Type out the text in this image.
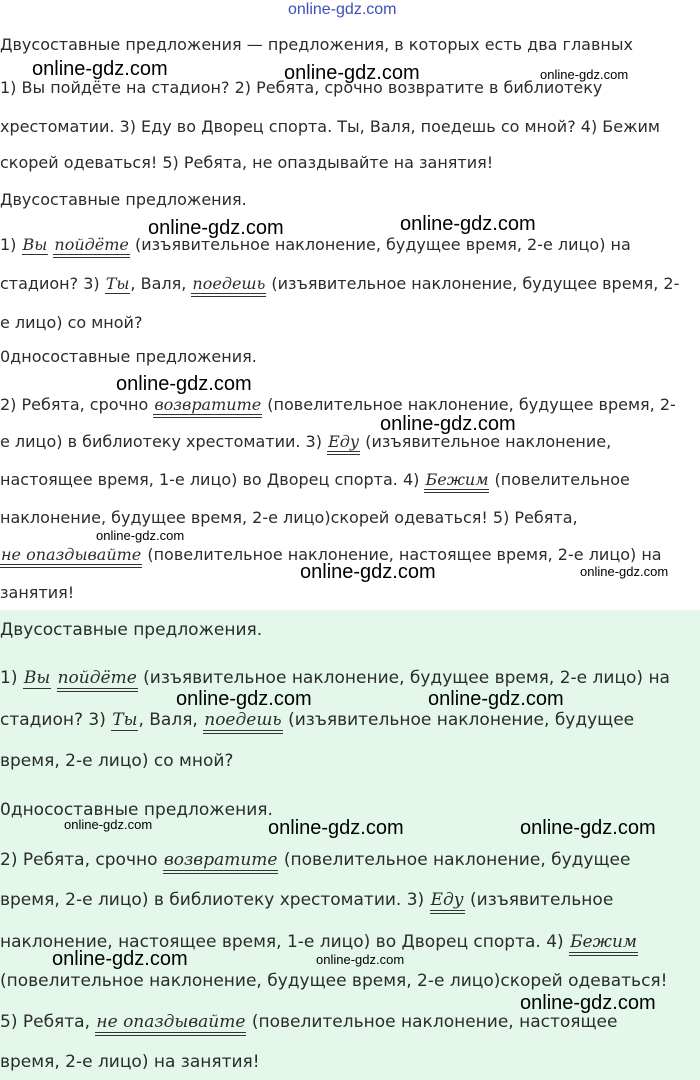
online-gdz.com
Двусоставные предложения — предложения, в которых есть два главных
1) Вы пойдёте на стадион? 2) Ребята, срочно возвратите в библиотеку
хрестоматии. 3) Еду во Дворец спорта. Ты, Валя, поедешь со мной? 4) Бежим
скорей одеваться! 5) Ребята, не опаздывайте на занятия!
Двусоставные предложения.
1) Вы пойдёте (изъявительное наклонение, будущее время, 2-е лицо) на
стадион? 3) Ты, Валя, поедешь (изъявительное наклонение, будущее время, 2-
е лицо) со мной?
0дносоставные предложения.
2) Ребята, срочно возвратите (повелительное наклонение, будущее время, 2-
е лицо) в библиотеку хрестоматии. 3) Еду (изъявительное наклонение,
настоящее время, 1-е лицо) во Дворец спорта. 4) Бежим (повелительное
наклонение, будущее время, 2-е лицо)скорей одеваться! 5) Ребята,
не опаздывайте (повелительное наклонение, настоящее время, 2-е лицо) на
занятия!
Двусоставные предложения.
1) Вы пойдёте (изъявительное наклонение, будущее время, 2-е лицо) на
стадион? 3) Ты, Валя, поедешь (изъявительное наклонение, будущее
время, 2-е лицо) со мной?
0дносоставные предложения.
2) Ребята, срочно возвратите (повелительное наклонение, будущее
время, 2-е лицо) в библиотеку хрестоматии. 3) Еду (изъявительное
наклонение, настоящее время, 1-е лицо) во Дворец спорта. 4) Бежим
(повелительное наклонение, будущее время, 2-е лицо)скорей одеваться!
5) Ребята, не опаздывайте (повелительное наклонение, настоящее
время, 2-е лицо) на занятия!
online-gdz.com	online-gdz.com	online-gdz.com
online-gdz.com	online-gdz.com
online-gdz.com
online-gdz.com
online-gdz.com
online-gdz.com	online-gdz.com
online-gdz.com	online-gdz.com
online-gdz.com	online-gdz.com	online-gdz.com
online-gdz.com	online-gdz.com
online-gdz.com
